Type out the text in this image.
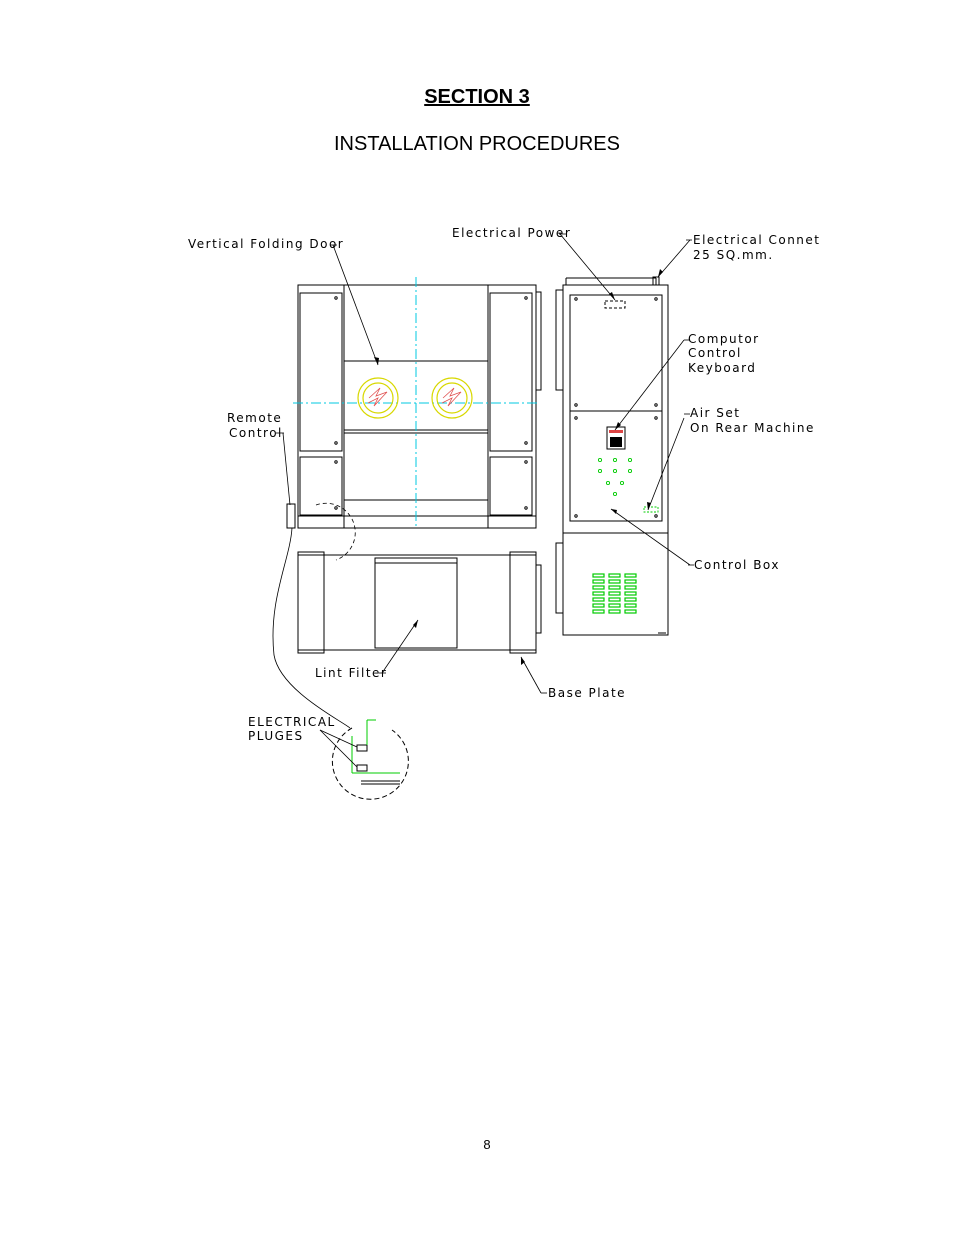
SECTION 3
INSTALLATION PROCEDURES
Vertical Folding Door
Electrical Power	Electrical Connet
25 SQ.mm.
Computor
Control
Keyboard
Air Set
On Rear Machine
Remote
Control
Control Box
Lint Filter
Base Plate
ELECTRICAL
PLUGES
8
